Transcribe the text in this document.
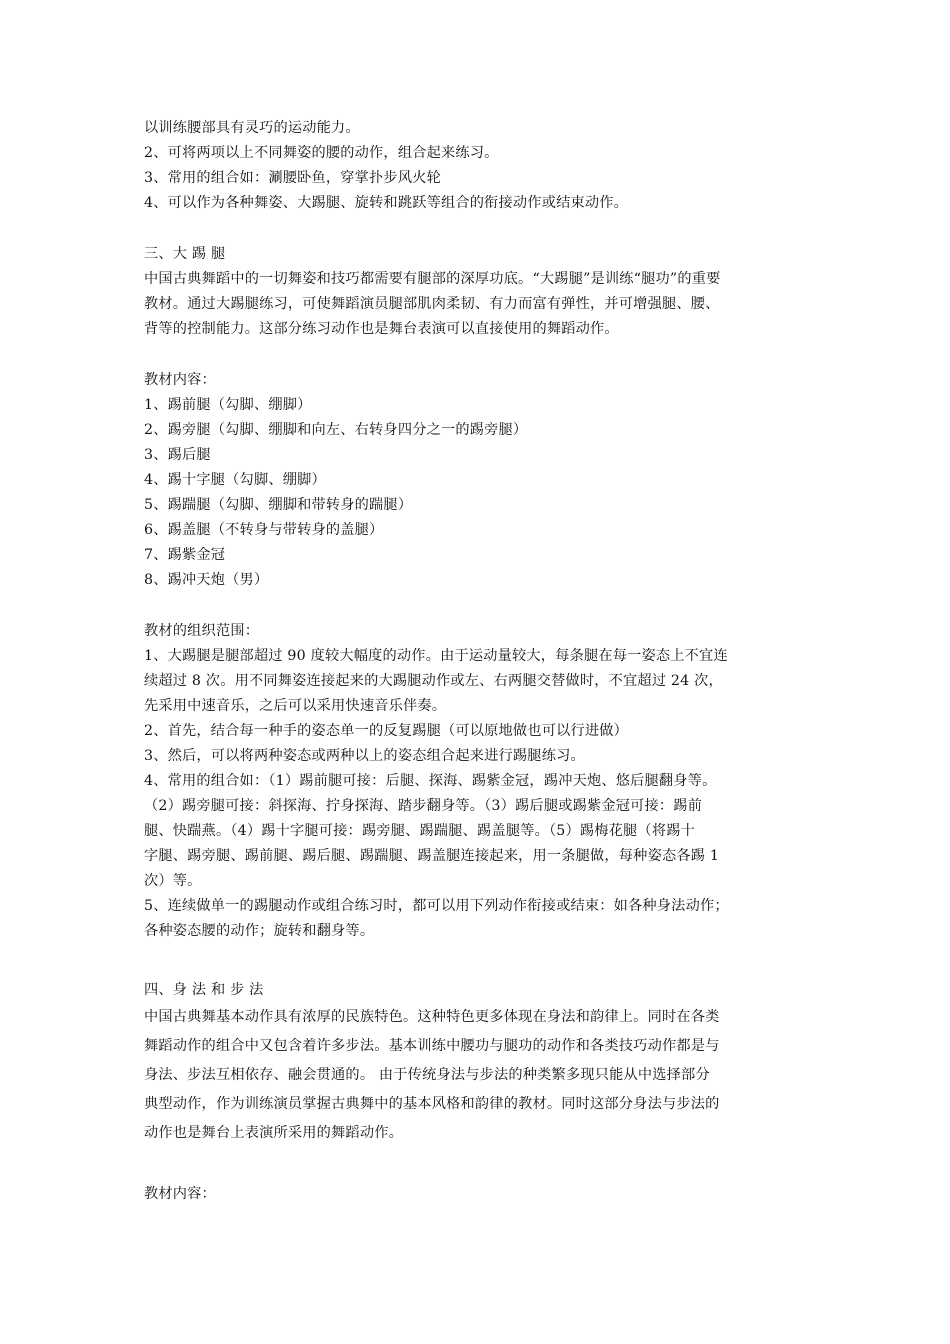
以训练腰部具有灵巧的运动能力。
2、可将两项以上不同舞姿的腰的动作，组合起来练习。
3、常用的组合如：涮腰卧鱼，穿掌扑步风火轮
4、可以作为各种舞姿、大踢腿、旋转和跳跃等组合的衔接动作或结束动作。
三、大 踢 腿
中国古典舞蹈中的一切舞姿和技巧都需要有腿部的深厚功底。“大踢腿”是训练“腿功”的重要
教材。通过大踢腿练习，可使舞蹈演员腿部肌肉柔韧、有力而富有弹性，并可增强腿、腰、
背等的控制能力。这部分练习动作也是舞台表演可以直接使用的舞蹈动作。
教材内容：
1、踢前腿（勾脚、绷脚）
2、踢旁腿（勾脚、绷脚和向左、右转身四分之一的踢旁腿）
3、踢后腿
4、踢十字腿（勾脚、绷脚）
5、踢踹腿（勾脚、绷脚和带转身的踹腿）
6、踢盖腿（不转身与带转身的盖腿）
7、踢紫金冠
8、踢冲天炮（男）
教材的组织范围：
1、大踢腿是腿部超过 90 度较大幅度的动作。由于运动量较大，每条腿在每一姿态上不宜连
续超过 8 次。用不同舞姿连接起来的大踢腿动作或左、右两腿交替做时，不宜超过 24 次，
先采用中速音乐，之后可以采用快速音乐伴奏。
2、首先，结合每一种手的姿态单一的反复踢腿（可以原地做也可以行进做）
3、然后，可以将两种姿态或两种以上的姿态组合起来进行踢腿练习。
4、常用的组合如：（1）踢前腿可接：后腿、探海、踢紫金冠，踢冲天炮、悠后腿翻身等。
（2）踢旁腿可接：斜探海、拧身探海、踏步翻身等。（3）踢后腿或踢紫金冠可接：踢前
腿、快踹燕。（4）踢十字腿可接：踢旁腿、踢踹腿、踢盖腿等。（5）踢梅花腿（将踢十
字腿、踢旁腿、踢前腿、踢后腿、踢踹腿、踢盖腿连接起来，用一条腿做，每种姿态各踢 1
次）等。
5、连续做单一的踢腿动作或组合练习时，都可以用下列动作衔接或结束：如各种身法动作；
各种姿态腰的动作；旋转和翻身等。
四、身 法 和 步 法
中国古典舞基本动作具有浓厚的民族特色。这种特色更多体现在身法和韵律上。同时在各类
舞蹈动作的组合中又包含着许多步法。基本训练中腰功与腿功的动作和各类技巧动作都是与
身法、步法互相依存、融会贯通的。 由于传统身法与步法的种类繁多现只能从中选择部分
典型动作，作为训练演员掌握古典舞中的基本风格和韵律的教材。同时这部分身法与步法的
动作也是舞台上表演所采用的舞蹈动作。
教材内容：
